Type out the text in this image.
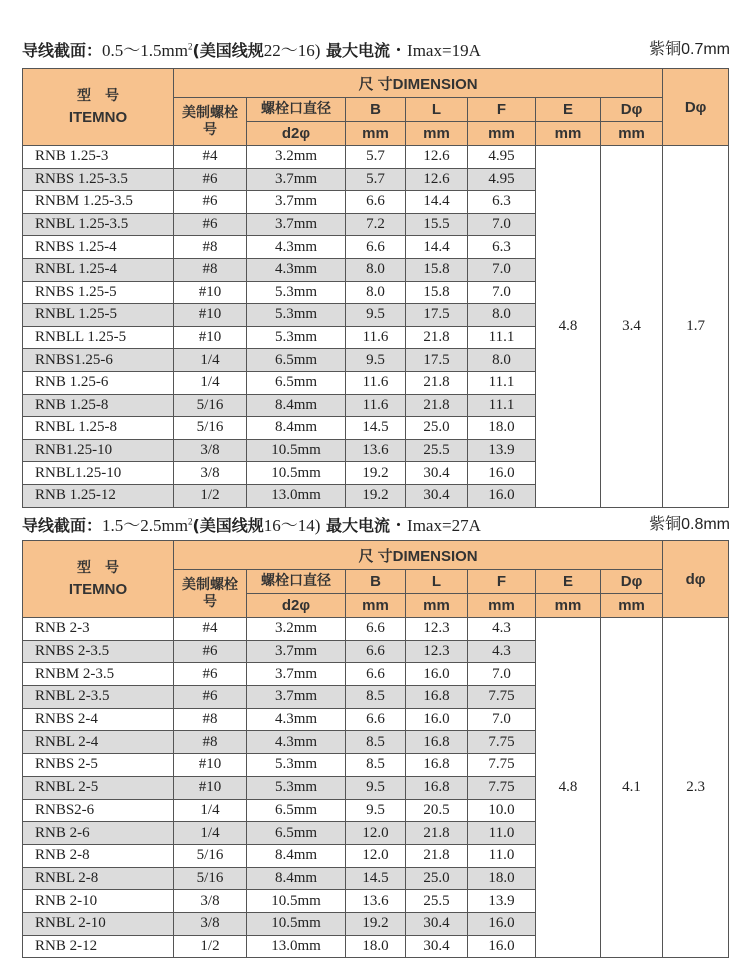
导线截面：$0.5\sim 1.5mm^2$(美国线规22～16) 最大电流・Imax=19A	紫铜0.7mm
型　号
ITEMNO	尺 寸DIMENSION							Dφ
	美制螺栓号	螺栓口直径	B	L	F	E	Dφ	
		d2φ	mm	mm	mm	mm	mm	
RNB 1.25-3	#4	3.2mm	5.7	12.6	4.95	4.8	3.4	1.7
RNBS 1.25-3.5	#6	3.7mm	5.7	12.6	4.95			
RNBM 1.25-3.5	#6	3.7mm	6.6	14.4	6.3			
RNBL 1.25-3.5	#6	3.7mm	7.2	15.5	7.0			
RNBS 1.25-4	#8	4.3mm	6.6	14.4	6.3			
RNBL 1.25-4	#8	4.3mm	8.0	15.8	7.0			
RNBS 1.25-5	#10	5.3mm	8.0	15.8	7.0			
RNBL 1.25-5	#10	5.3mm	9.5	17.5	8.0			
RNBLL 1.25-5	#10	5.3mm	11.6	21.8	11.1			
RNBS1.25-6	1/4	6.5mm	9.5	17.5	8.0			
RNB 1.25-6	1/4	6.5mm	11.6	21.8	11.1			
RNB 1.25-8	5/16	8.4mm	11.6	21.8	11.1			
RNBL 1.25-8	5/16	8.4mm	14.5	25.0	18.0			
RNB1.25-10	3/8	10.5mm	13.6	25.5	13.9			
RNBL1.25-10	3/8	10.5mm	19.2	30.4	16.0			
RNB 1.25-12	1/2	13.0mm	19.2	30.4	16.0			
导线截面：$1.5\sim 2.5mm^2$(美国线规16～14) 最大电流・Imax=27A	紫铜0.8mm
型　号
ITEMNO	尺 寸DIMENSION							dφ
	美制螺栓号	螺栓口直径	B	L	F	E	Dφ	
		d2φ	mm	mm	mm	mm	mm	
RNB 2-3	#4	3.2mm	6.6	12.3	4.3	4.8	4.1	2.3
RNBS 2-3.5	#6	3.7mm	6.6	12.3	4.3			
RNBM 2-3.5	#6	3.7mm	6.6	16.0	7.0			
RNBL 2-3.5	#6	3.7mm	8.5	16.8	7.75			
RNBS 2-4	#8	4.3mm	6.6	16.0	7.0			
RNBL 2-4	#8	4.3mm	8.5	16.8	7.75			
RNBS 2-5	#10	5.3mm	8.5	16.8	7.75			
RNBL 2-5	#10	5.3mm	9.5	16.8	7.75			
RNBS2-6	1/4	6.5mm	9.5	20.5	10.0			
RNB 2-6	1/4	6.5mm	12.0	21.8	11.0			
RNB 2-8	5/16	8.4mm	12.0	21.8	11.0			
RNBL 2-8	5/16	8.4mm	14.5	25.0	18.0			
RNB 2-10	3/8	10.5mm	13.6	25.5	13.9			
RNBL 2-10	3/8	10.5mm	19.2	30.4	16.0			
RNB 2-12	1/2	13.0mm	18.0	30.4	16.0			
